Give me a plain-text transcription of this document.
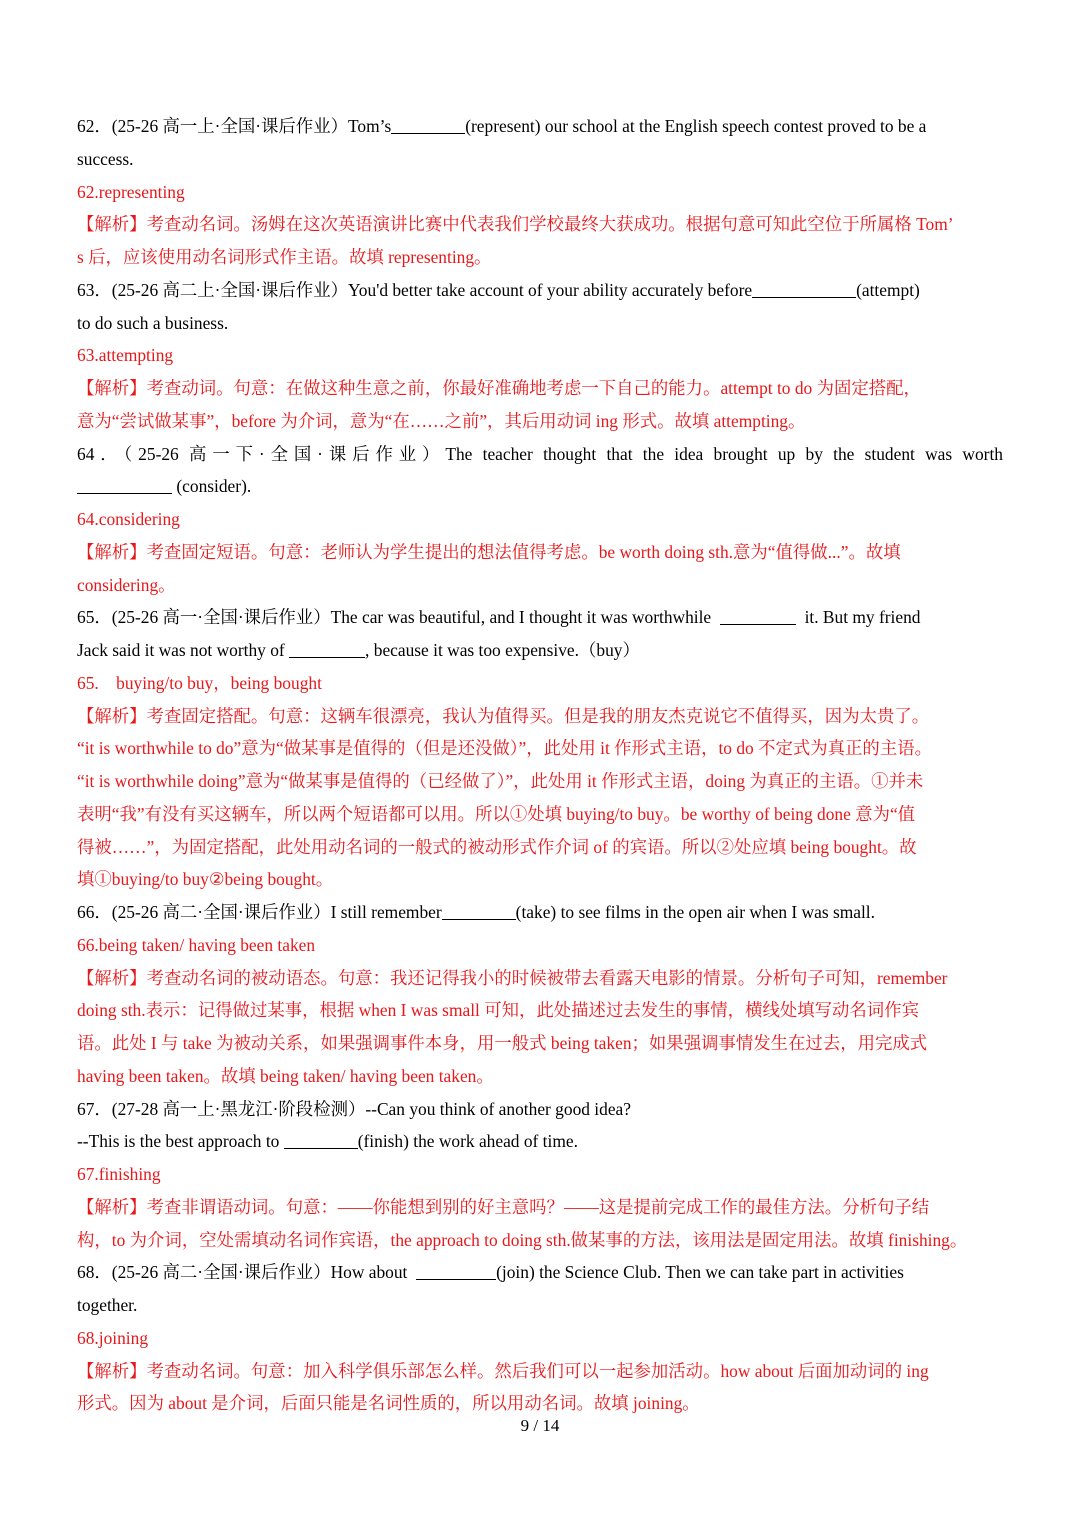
62．(25-26 高一上·全国·课后作业）Tom’s	(represent) our school at the English speech contest proved to be a
success.
62.representing
【解析】考查动名词。汤姆在这次英语演讲比赛中代表我们学校最终大获成功。根据句意可知此空位于所属格 Tom’
s 后，应该使用动名词形式作主语。故填 representing。
63．(25-26 高二上·全国·课后作业）You'd better take account of your ability accurately before	(attempt)
to do such a business.
63.attempting
【解析】考查动词。句意：在做这种生意之前，你最好准确地考虑一下自己的能力。attempt to do 为固定搭配，
意为“尝试做某事”，before 为介词，意为“在……之前”，其后用动词 ing 形式。故填 attempting。
64．（25-26 高一下·全国·课后作业）The teacher thought that the idea brought up by the student was worth
(consider).
64.considering
【解析】考查固定短语。句意：老师认为学生提出的想法值得考虑。be worth doing sth.意为“值得做...”。故填
considering。
65．(25-26 高一·全国·课后作业）The car was beautiful, and I thought it was worthwhile	it. But my friend
Jack said it was not worthy of	, because it was too expensive.（buy）
65.　buying/to buy，being bought
【解析】考查固定搭配。句意：这辆车很漂亮，我认为值得买。但是我的朋友杰克说它不值得买，因为太贵了。
“it is worthwhile to do”意为“做某事是值得的（但是还没做）”，此处用 it 作形式主语，to do 不定式为真正的主语。
“it is worthwhile doing”意为“做某事是值得的（已经做了）”，此处用 it 作形式主语，doing 为真正的主语。①并未
表明“我”有没有买这辆车，所以两个短语都可以用。所以①处填 buying/to buy。be worthy of being done 意为“值
得被……”，为固定搭配，此处用动名词的一般式的被动形式作介词 of 的宾语。所以②处应填 being bought。故
填①buying/to buy②being bought。
66．(25-26 高二·全国·课后作业）I still remember	(take) to see films in the open air when I was small.
66.being taken/ having been taken
【解析】考查动名词的被动语态。句意：我还记得我小的时候被带去看露天电影的情景。分析句子可知，remember
doing sth.表示：记得做过某事，根据 when I was small 可知，此处描述过去发生的事情，横线处填写动名词作宾
语。此处 I 与 take 为被动关系，如果强调事件本身，用一般式 being taken；如果强调事情发生在过去，用完成式
having been taken。故填 being taken/ having been taken。
67．(27-28 高一上·黑龙江·阶段检测）--Can you think of another good idea?
--This is the best approach to	(finish) the work ahead of time.
67.finishing
【解析】考查非谓语动词。句意：——你能想到别的好主意吗？——这是提前完成工作的最佳方法。分析句子结
构，to 为介词，空处需填动名词作宾语，the approach to doing sth.做某事的方法，该用法是固定用法。故填 finishing。
68．(25-26 高二·全国·课后作业）How about	(join) the Science Club. Then we can take part in activities
together.
68.joining
【解析】考查动名词。句意：加入科学俱乐部怎么样。然后我们可以一起参加活动。how about 后面加动词的 ing
形式。因为 about 是介词，后面只能是名词性质的，所以用动名词。故填 joining。
9 / 14
